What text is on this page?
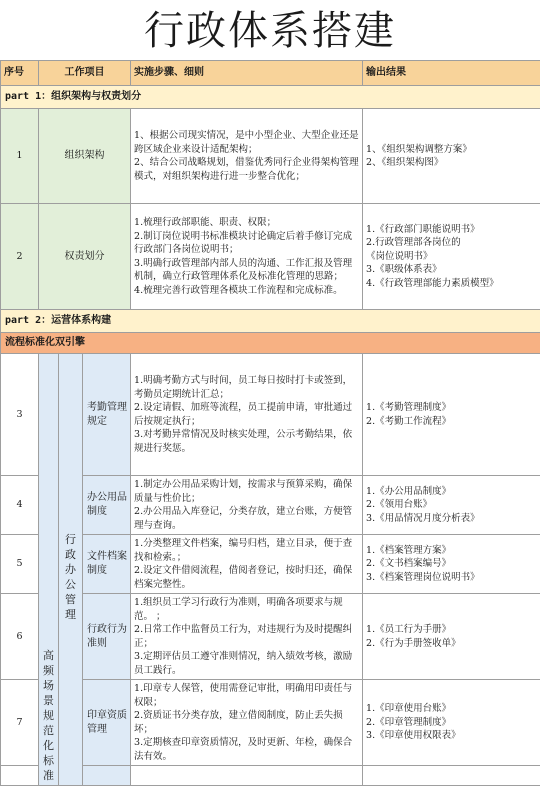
行政体系搭建
序号	工作项目			实施步骤、细则	输出结果
part 1：组织架构与权责划分					
1	组织架构			1、根据公司现实情况，是中小型企业、大型企业还是跨区域企业来设计适配架构；
2、结合公司战略规划，借鉴优秀同行企业得架构管理模式，对组织架构进行进一步整合优化；	1、《组织架构调整方案》
2、《组织架构图》

2	权责划分			1.梳理行政部职能、职责、权限；
2.制订岗位说明书标准模块讨论确定后着手修订完成行政部门各岗位说明书；
3.明确行政管理部内部人员的沟通、工作汇报及管理机制，确立行政管理体系化及标准化管理的思路；
4.梳理完善行政管理各模块工作流程和完成标准。	1.《行政部门职能说明书》
2.行政管理部各岗位的
《岗位说明书》
3.《职级体系表》
4.《行政管理部能力素质模型》

part 2：运营体系构建					
流程标准化双引擎					
3	高频场景规范化标准	行政办公管理	考勤管理规定	1.明确考勤方式与时间，员工每日按时打卡或签到，考勤员定期统计汇总；
2.设定请假、加班等流程，员工提前申请，审批通过后按规定执行；
3.对考勤异常情况及时核实处理，公示考勤结果，依规进行奖惩。	1.《考勤管理制度》
2.《考勤工作流程》

4			办公用品制度	1.制定办公用品采购计划，按需求与预算采购，确保质量与性价比；
2.办公用品入库登记，分类存放，建立台账，方便管理与查询。	1.《办公用品制度》
2.《领用台账》
3.《用品情况月度分析表》

5			文件档案制度	1.分类整理文件档案，编号归档，建立目录，便于查找和检索。；
2.设定文件借阅流程，借阅者登记，按时归还，确保档案完整性。	1.《档案管理方案》
2.《文书档案编号》
3.《档案管理岗位说明书》

6			行政行为准则	1.组织员工学习行政行为准则，明确各项要求与规范。 ；
2.日常工作中监督员工行为，对违规行为及时提醒纠正；
3.定期评估员工遵守准则情况，纳入绩效考核，激励员工践行。	1.《员工行为手册》
2.《行为手册签收单》

7			印章资质管理	1.印章专人保管，使用需登记审批，明确用印责任与权限；
2.资质证书分类存放，建立借阅制度，防止丢失损坏；
3.定期核查印章资质情况，及时更新、年检，确保合法有效。	1.《印章使用台账》
2.《印章管理制度》
3.《印章使用权限表》
